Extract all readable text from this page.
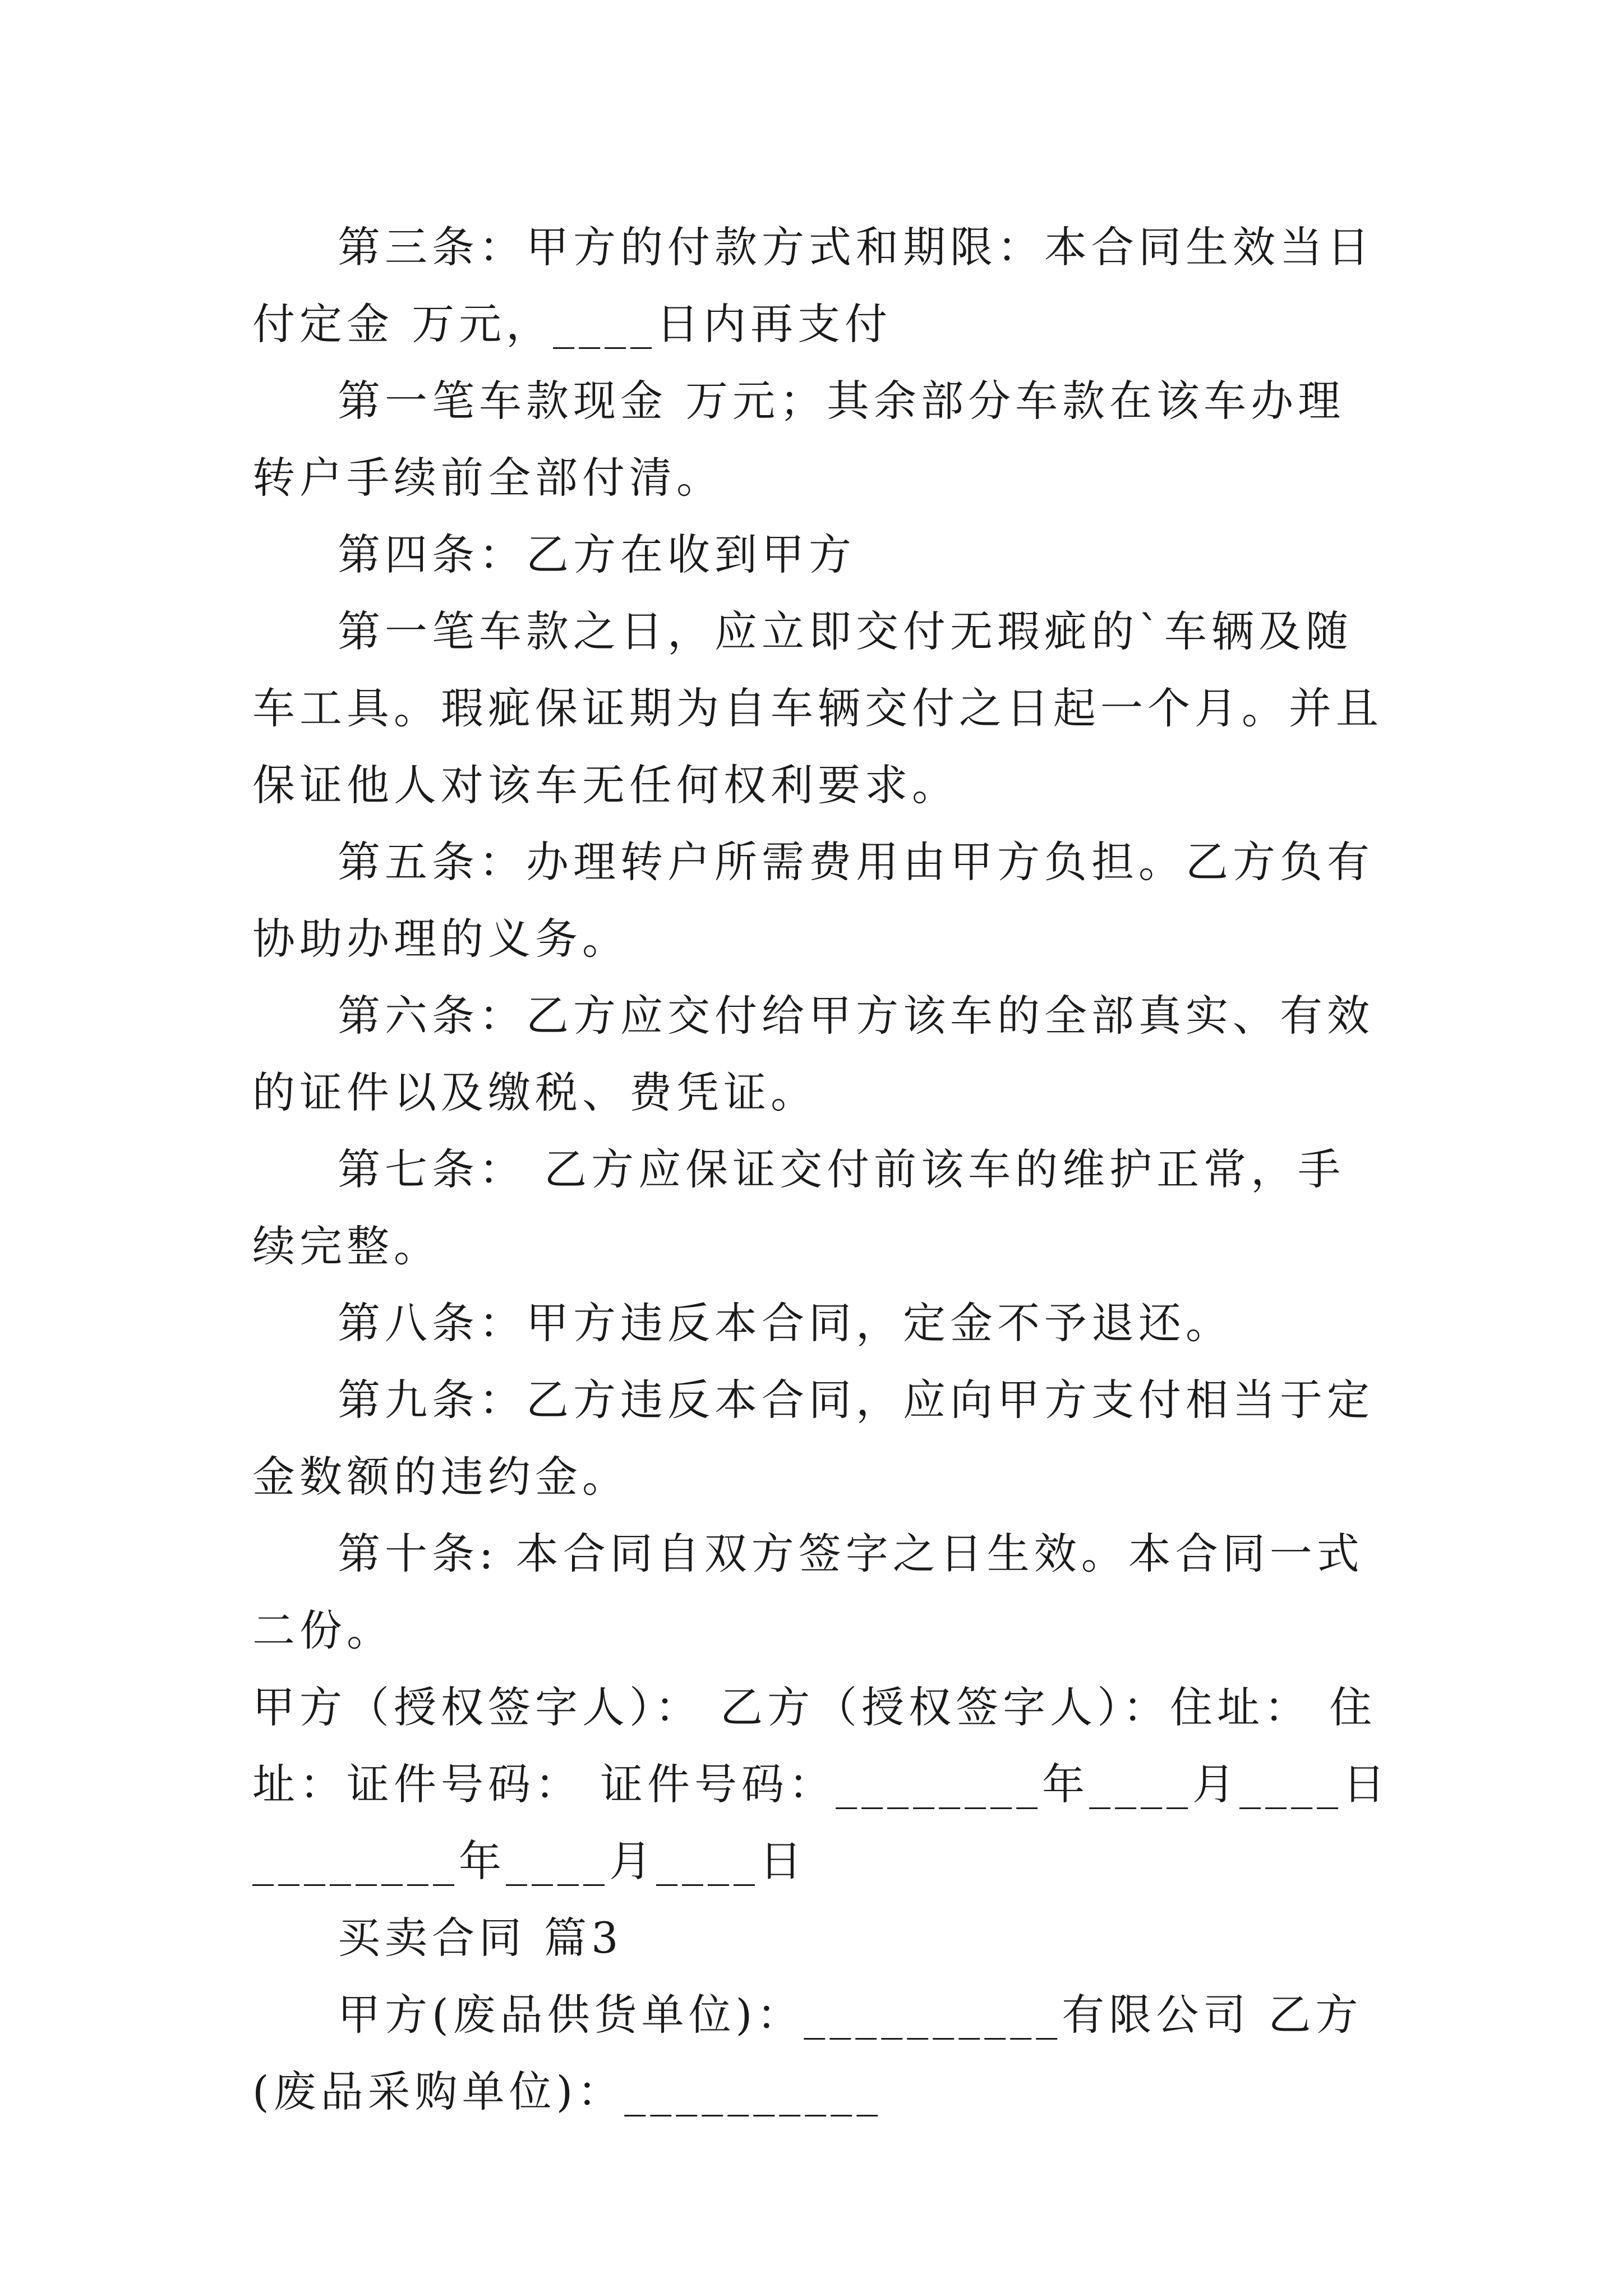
第三条：甲方的付款方式和期限：本合同生效当日付定金 万元，____日内再支付

第一笔车款现金 万元；其余部分车款在该车办理转户手续前全部付清。

第四条：乙方在收到甲方

第一笔车款之日，应立即交付无瑕疵的`车辆及随车工具。瑕疵保证期为自车辆交付之日起一个月。并且保证他人对该车无任何权利要求。

第五条：办理转户所需费用由甲方负担。乙方负有协助办理的义务。

第六条：乙方应交付给甲方该车的全部真实、有效的证件以及缴税、费凭证。

第七条： 乙方应保证交付前该车的维护正常，手续完整。

第八条：甲方违反本合同，定金不予退还。

第九条：乙方违反本合同，应向甲方支付相当于定金数额的违约金。

第十条: 本合同自双方签字之日生效。本合同一式二份。

甲方（授权签字人）： 乙方（授权签字人）：住址： 住址：证件号码： 证件号码：________年____月____日________年____月____日

买卖合同 篇3

甲方(废品供货单位)：__________有限公司 乙方(废品采购单位)：__________
